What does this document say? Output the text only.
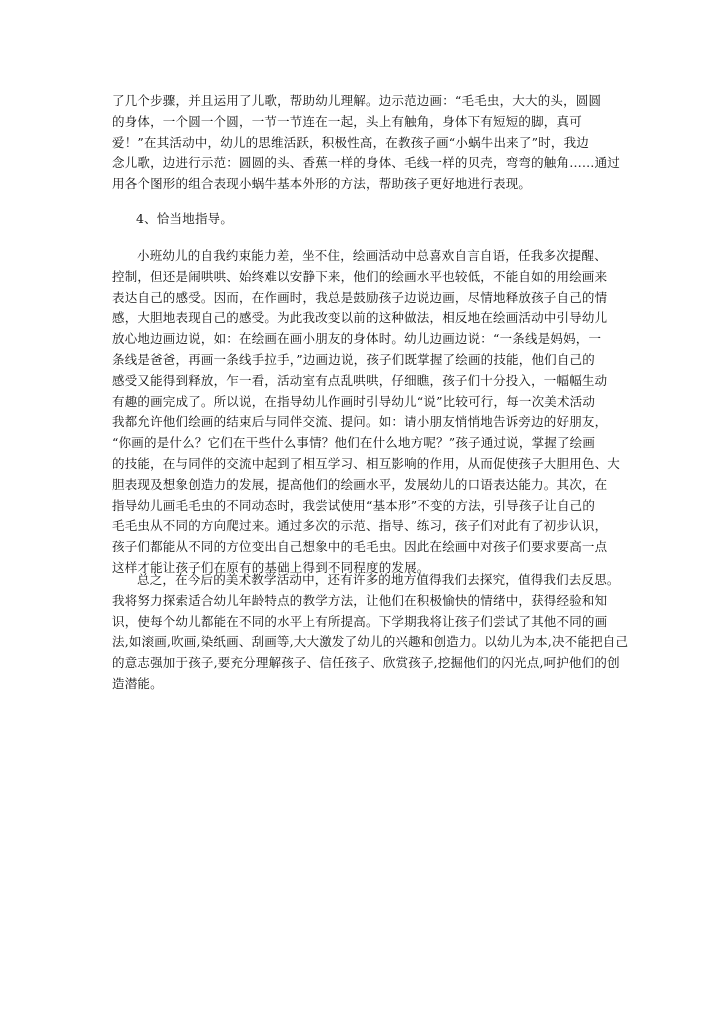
了几个步骤，并且运用了儿歌，帮助幼儿理解。边示范边画：“毛毛虫，大大的头，圆圆
的身体，一个圆一个圆，一节一节连在一起，头上有触角，身体下有短短的脚，真可
爱！”在其活动中，幼儿的思维活跃，积极性高，在教孩子画“小蜗牛出来了”时，我边
念儿歌，边进行示范：圆圆的头、香蕉一样的身体、毛线一样的贝壳，弯弯的触角……通过
用各个图形的组合表现小蜗牛基本外形的方法，帮助孩子更好地进行表现。
4、恰当地指导。
小班幼儿的自我约束能力差，坐不住，绘画活动中总喜欢自言自语，任我多次提醒、
控制，但还是闹哄哄、始终难以安静下来，他们的绘画水平也较低，不能自如的用绘画来
表达自己的感受。因而，在作画时，我总是鼓励孩子边说边画，尽情地释放孩子自己的情
感，大胆地表现自己的感受。为此我改变以前的这种做法，相反地在绘画活动中引导幼儿
放心地边画边说，如：在绘画在画小朋友的身体时。幼儿边画边说：“一条线是妈妈，一
条线是爸爸，再画一条线手拉手，”边画边说，孩子们既掌握了绘画的技能，他们自己的
感受又能得到释放，乍一看，活动室有点乱哄哄，仔细瞧，孩子们十分投入，一幅幅生动
有趣的画完成了。所以说，在指导幼儿作画时引导幼儿“说”比较可行，每一次美术活动
我都允许他们绘画的结束后与同伴交流、提问。如：请小朋友悄悄地告诉旁边的好朋友，
“你画的是什么？它们在干些什么事情？他们在什么地方呢？”孩子通过说，掌握了绘画
的技能，在与同伴的交流中起到了相互学习、相互影响的作用，从而促使孩子大胆用色、大
胆表现及想象创造力的发展，提高他们的绘画水平，发展幼儿的口语表达能力。其次，在
指导幼儿画毛毛虫的不同动态时，我尝试使用“基本形”不变的方法，引导孩子让自己的
毛毛虫从不同的方向爬过来。通过多次的示范、指导、练习，孩子们对此有了初步认识，
孩子们都能从不同的方位变出自己想象中的毛毛虫。因此在绘画中对孩子们要求要高一点
这样才能让孩子们在原有的基础上得到不同程度的发展。
总之，在今后的美术教学活动中，还有许多的地方值得我们去探究，值得我们去反思。
我将努力探索适合幼儿年龄特点的教学方法，让他们在积极愉快的情绪中，获得经验和知
识，使每个幼儿都能在不同的水平上有所提高。下学期我将让孩子们尝试了其他不同的画
法,如滚画,吹画,染纸画、刮画等,大大激发了幼儿的兴趣和创造力。以幼儿为本,决不能把自己
的意志强加于孩子,要充分理解孩子、信任孩子、欣赏孩子,挖掘他们的闪光点,呵护他们的创
造潜能。
